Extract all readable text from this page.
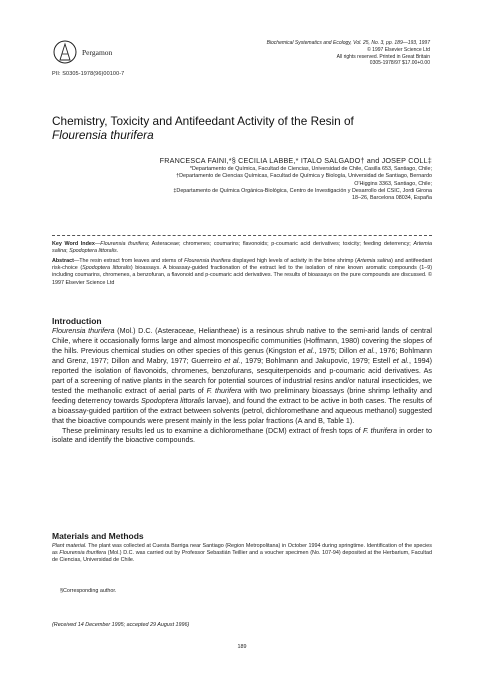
Pergamon
PII: S0305-1978(96)00100-7
Biochemical Systematics and Ecology, Vol. 25, No. 3, pp. 189—193, 1997
© 1997 Elsevier Science Ltd
All rights reserved. Printed in Great Britain
0305-1978/97 $17.00+0.00
Chemistry, Toxicity and Antifeedant Activity of the Resin of
Flourensia thurifera
FRANCESCA FAINI,*§ CECILIA LABBE,* ITALO SALGADO† and JOSEP COLL‡
*Departamento de Química, Facultad de Ciencias, Universidad de Chile, Casilla 653, Santiago, Chile;
†Departamento de Ciencias Químicas, Facultad de Química y Biología, Universidad de Santiago, Bernardo
O'Higgins 3363, Santiago, Chile;
‡Departamento de Química Orgánica-Biológica, Centro de Investigación y Desarrollo del CSIC, Jordi Girona
18–26, Barcelona 08034, España
Key Word Index—Flourensia thurifera; Asteraceae; chromenes; coumarins; flavonoids; p-coumaric acid derivatives; toxicity; feeding deterrency; Artemia salina; Spodoptera littoralis.
Abstract—The resin extract from leaves and stems of Flourensia thurifera displayed high levels of activity in the brine shrimp (Artemia salina) and antifeedant risk-choice (Spodoptera littoralis) bioassays. A bioassay-guided fractionation of the extract led to the isolation of nine known aromatic compounds (1–9) including coumarins, chromenes, a benzofuran, a flavonoid and p-coumaric acid derivatives. The results of bioassays on the pure compounds are discussed. © 1997 Elsevier Science Ltd
Introduction

Flourensia thurifera (Mol.) D.C. (Asteraceae, Heliantheae) is a resinous shrub native to the semi-arid lands of central Chile, where it occasionally forms large and almost monospecific communities (Hoffmann, 1980) covering the slopes of the hills. Previous chemical studies on other species of this genus (Kingston et al., 1975; Dillon et al., 1976; Bohlmann and Grenz, 1977; Dillon and Mabry, 1977; Guerreiro et al., 1979; Bohlmann and Jakupovic, 1979; Estell et al., 1994) reported the isolation of flavonoids, chromenes, benzofurans, sesquiterpenoids and p-coumaric acid derivatives. As part of a screening of native plants in the search for potential sources of industrial resins and/or natural insecticides, we tested the methanolic extract of aerial parts of F. thurifera with two preliminary bioassays (brine shrimp lethality and feeding deterrency towards Spodoptera littoralis larvae), and found the extract to be active in both cases. The results of a bioassay-guided partition of the extract between solvents (petrol, dichloromethane and aqueous methanol) suggested that the bioactive compounds were present mainly in the less polar fractions (A and B, Table 1).

These preliminary results led us to examine a dichloromethane (DCM) extract of fresh tops of F. thurifera in order to isolate and identify the bioactive compounds.

Materials and Methods
Plant material. The plant was collected at Cuesta Barriga near Santiago (Region Metropolitana) in October 1994 during springtime. Identification of the species as Flourensia thurifera (Mol.) D.C. was carried out by Professor Sebastián Teillier and a voucher specimen (No. 107-94) deposited at the Herbarium, Facultad de Ciencias, Universidad de Chile.
§Corresponding author.
(Received 14 December 1995; accepted 29 August 1996)
189
